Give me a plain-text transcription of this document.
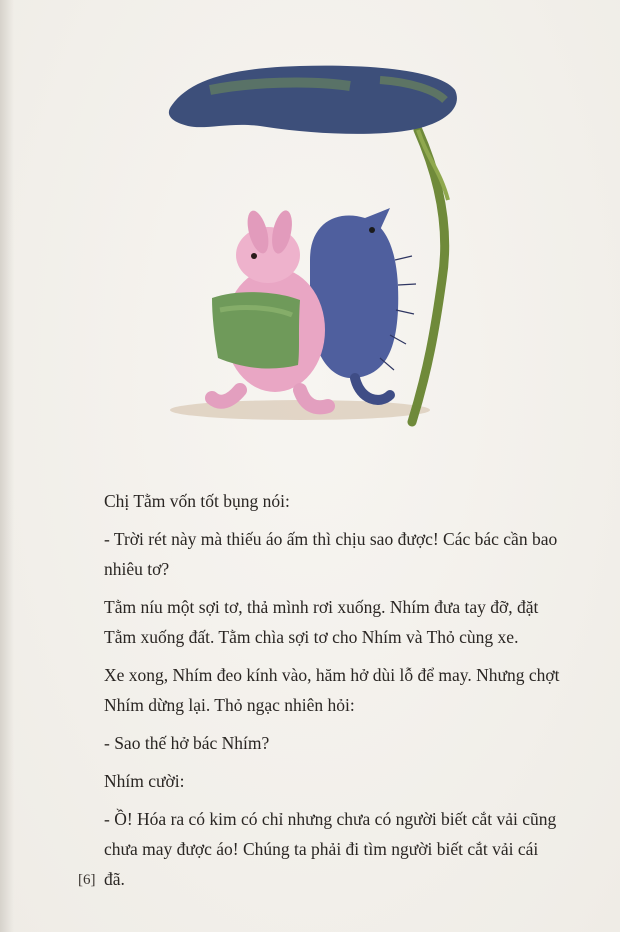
Chị Tằm vốn tốt bụng nói:

- Trời rét này mà thiếu áo ấm thì chịu sao được! Các bác cần bao nhiêu tơ?

Tằm níu một sợi tơ, thả mình rơi xuống. Nhím đưa tay đỡ, đặt Tằm xuống đất. Tằm chìa sợi tơ cho Nhím và Thỏ cùng xe.

Xe xong, Nhím đeo kính vào, hăm hở dùi lỗ để may. Nhưng chợt Nhím dừng lại. Thỏ ngạc nhiên hỏi:

- Sao thế hở bác Nhím?

Nhím cười:

- Ồ! Hóa ra có kim có chỉ nhưng chưa có người biết cắt vải cũng chưa may được áo! Chúng ta phải đi tìm người biết cắt vải cái đã.

[6]
